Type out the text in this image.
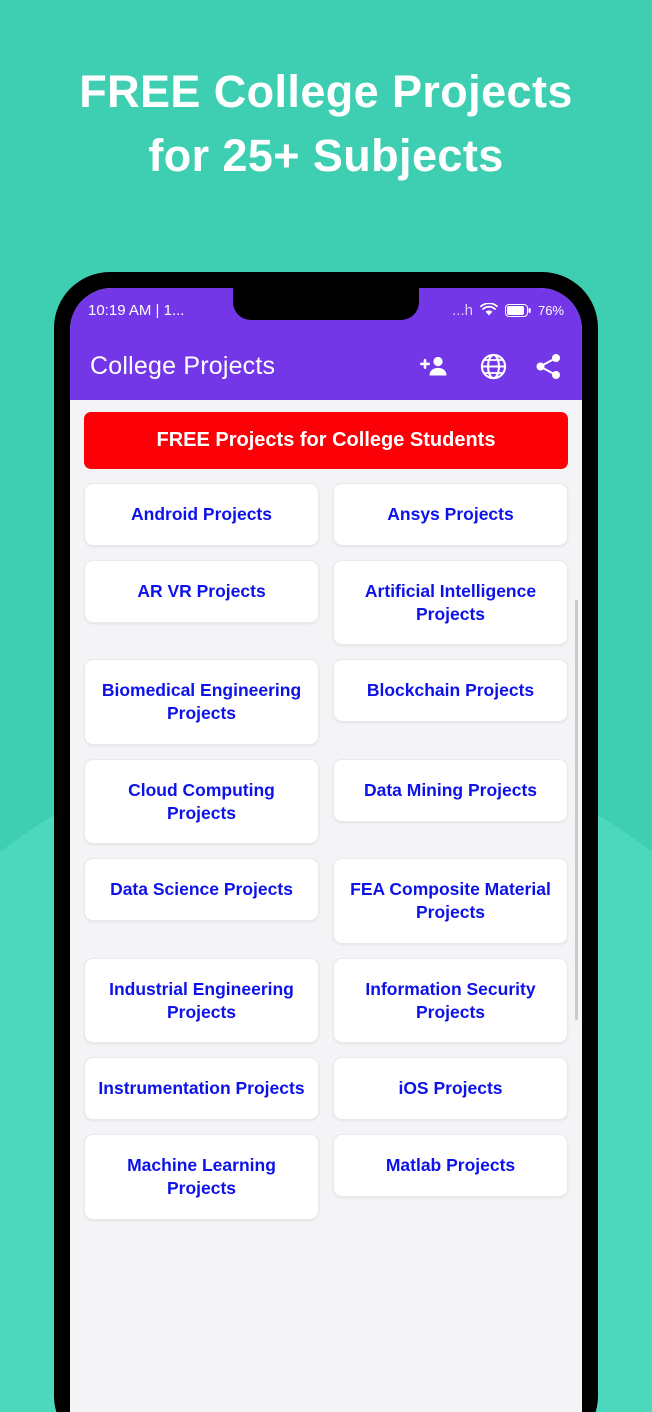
FREE College Projects
for 25+ Subjects
10:19 AM | 1...	...h	76%
College Projects
FREE Projects for College Students
Android Projects	Ansys Projects
AR VR Projects	Artificial Intelligence Projects
Biomedical Engineering Projects
Blockchain Projects
Cloud Computing Projects
Data Mining Projects
Data Science Projects	FEA Composite Material Projects
Industrial Engineering Projects
Information Security Projects
Instrumentation Projects	iOS Projects
Machine Learning Projects
Matlab Projects
